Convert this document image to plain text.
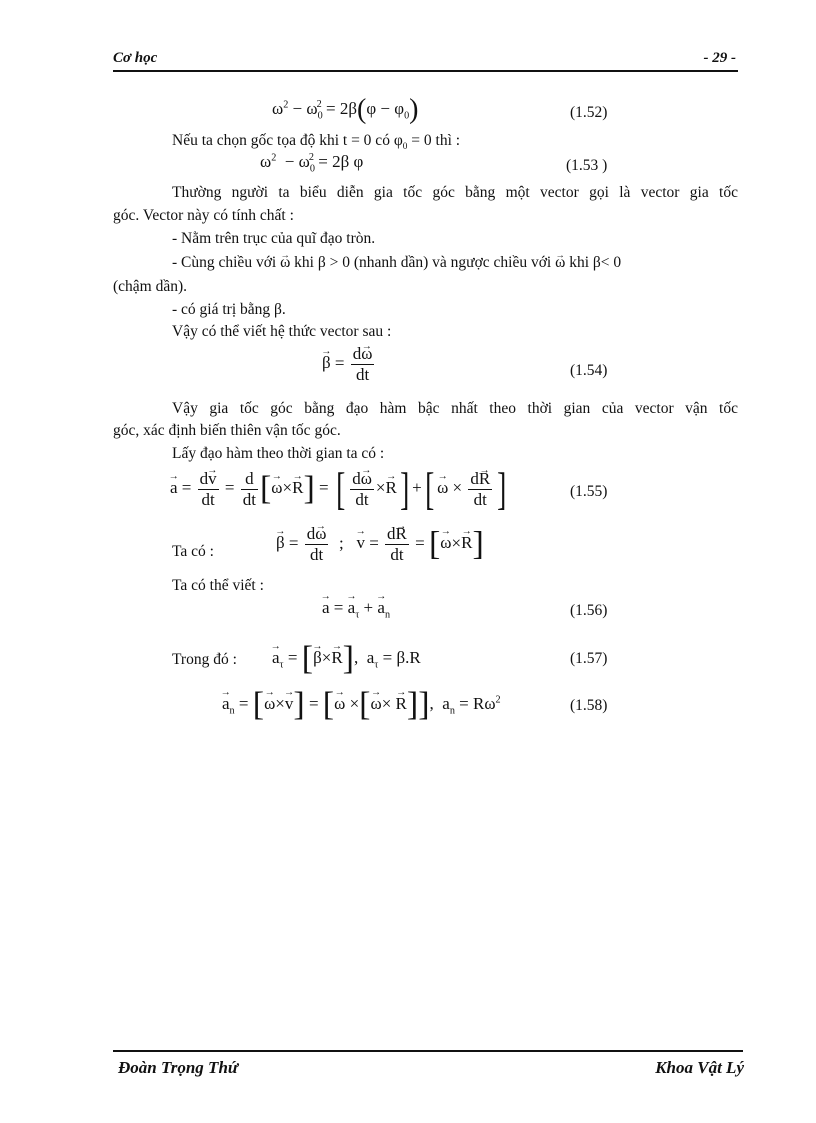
Cơ học	- 29 -
$\omega^2 - \omega_0^2 = 2\beta(\varphi - \varphi_0)$	(1.52)
Nếu ta chọn gốc tọa độ khi t = 0 có $\varphi_0 = 0$ thì :
$\omega^2 - \omega_0^2 = 2\beta$ φ	(1.53 )
Thường người ta biểu diễn gia tốc góc bằng một vector gọi là vector gia tốc
góc. Vector này có tính chất :
- Nằm trên trục của quĩ đạo tròn.
- Cùng chiều với → ω khi β > 0 (nhanh dần) và ngược chiều với → ω khi β< 0
(chậm dần).
- có giá trị bằng β.
Vậy có thể viết hệ thức vector sau :
→ $\beta = \frac{d\to \omega}{dt}$	(1.54)
Vậy gia tốc góc bằng đạo hàm bậc nhất theo thời gian của vector vận tốc
góc, xác định biến thiên vận tốc góc.
Lấy đạo hàm theo thời gian ta có :
→ $a = \frac{d\to v}{dt} = \frac{d}{dt}$ [→ ω×→ R] = [ $\frac{d\to \omega}{dt} \times\to R$] +[ → $\omega \times \frac{d\to R}{dt}$ ]	(1.55)
Ta có :	→ $\beta = \frac{d\to \omega}{dt}$ ;   → $v = \frac{d\to R}{dt}$ = [→ ω×→ R]
Ta có thể viết :
→ a = → $a_\tau$ + → $a_n$	(1.56)
Trong đó : → $a_\tau$ = [→ β×→ R],  $a_\tau = \beta.R$	(1.57)
→ $a_n$ = [→ ω×→ v] = [→ ω ×[→ ω× → R]],  $a_n = R\omega^2$	(1.58)
Đoàn Trọng Thứ	Khoa Vật Lý
